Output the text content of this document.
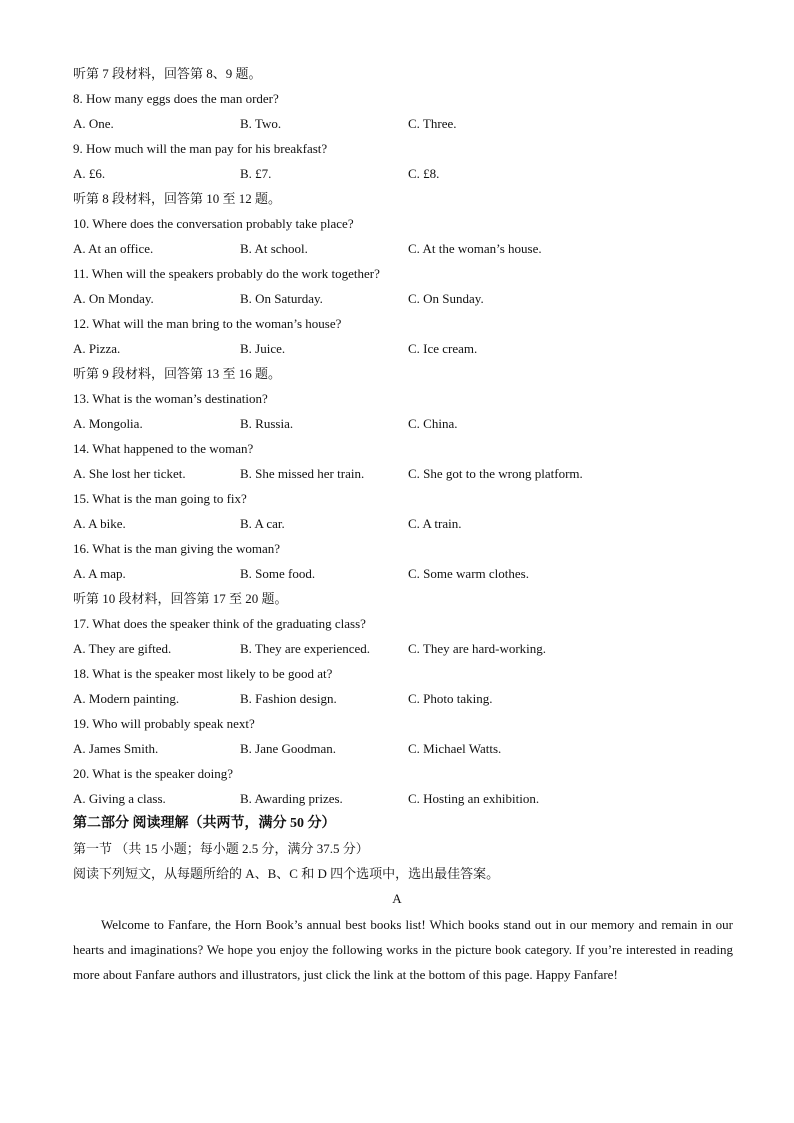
听第 7 段材料，回答第 8、9 题。
8. How many eggs does the man order?
A. One.	B. Two.	C. Three.
9. How much will the man pay for his breakfast?
A. £6.	B. £7.	C. £8.
听第 8 段材料，回答第 10 至 12 题。
10. Where does the conversation probably take place?
A. At an office.	B. At school.	C. At the woman’s house.
11. When will the speakers probably do the work together?
A. On Monday.	B. On Saturday.	C. On Sunday.
12. What will the man bring to the woman’s house?
A. Pizza.	B. Juice.	C. Ice cream.
听第 9 段材料，回答第 13 至 16 题。
13. What is the woman’s destination?
A. Mongolia.	B. Russia.	C. China.
14. What happened to the woman?
A. She lost her ticket.	B. She missed her train.	C. She got to the wrong platform.
15. What is the man going to fix?
A. A bike.	B. A car.	C. A train.
16. What is the man giving the woman?
A. A map.	B. Some food.	C. Some warm clothes.
听第 10 段材料，回答第 17 至 20 题。
17. What does the speaker think of the graduating class?
A. They are gifted.	B. They are experienced.	C. They are hard-working.
18. What is the speaker most likely to be good at?
A. Modern painting.	B. Fashion design.	C. Photo taking.
19. Who will probably speak next?
A. James Smith.	B. Jane Goodman.	C. Michael Watts.
20. What is the speaker doing?
A. Giving a class.	B. Awarding prizes.	C. Hosting an exhibition.
第二部分 阅读理解（共两节，满分 50 分）
第一节 （共 15 小题；每小题 2.5 分，满分 37.5 分）
阅读下列短文，从每题所给的 A、B、C 和 D 四个选项中，选出最佳答案。
A
Welcome to Fanfare, the Horn Book’s annual best books list! Which books stand out in our memory and remain in our hearts and imaginations? We hope you enjoy the following works in the picture book category. If you’re interested in reading more about Fanfare authors and illustrators, just click the link at the bottom of this page. Happy Fanfare!
